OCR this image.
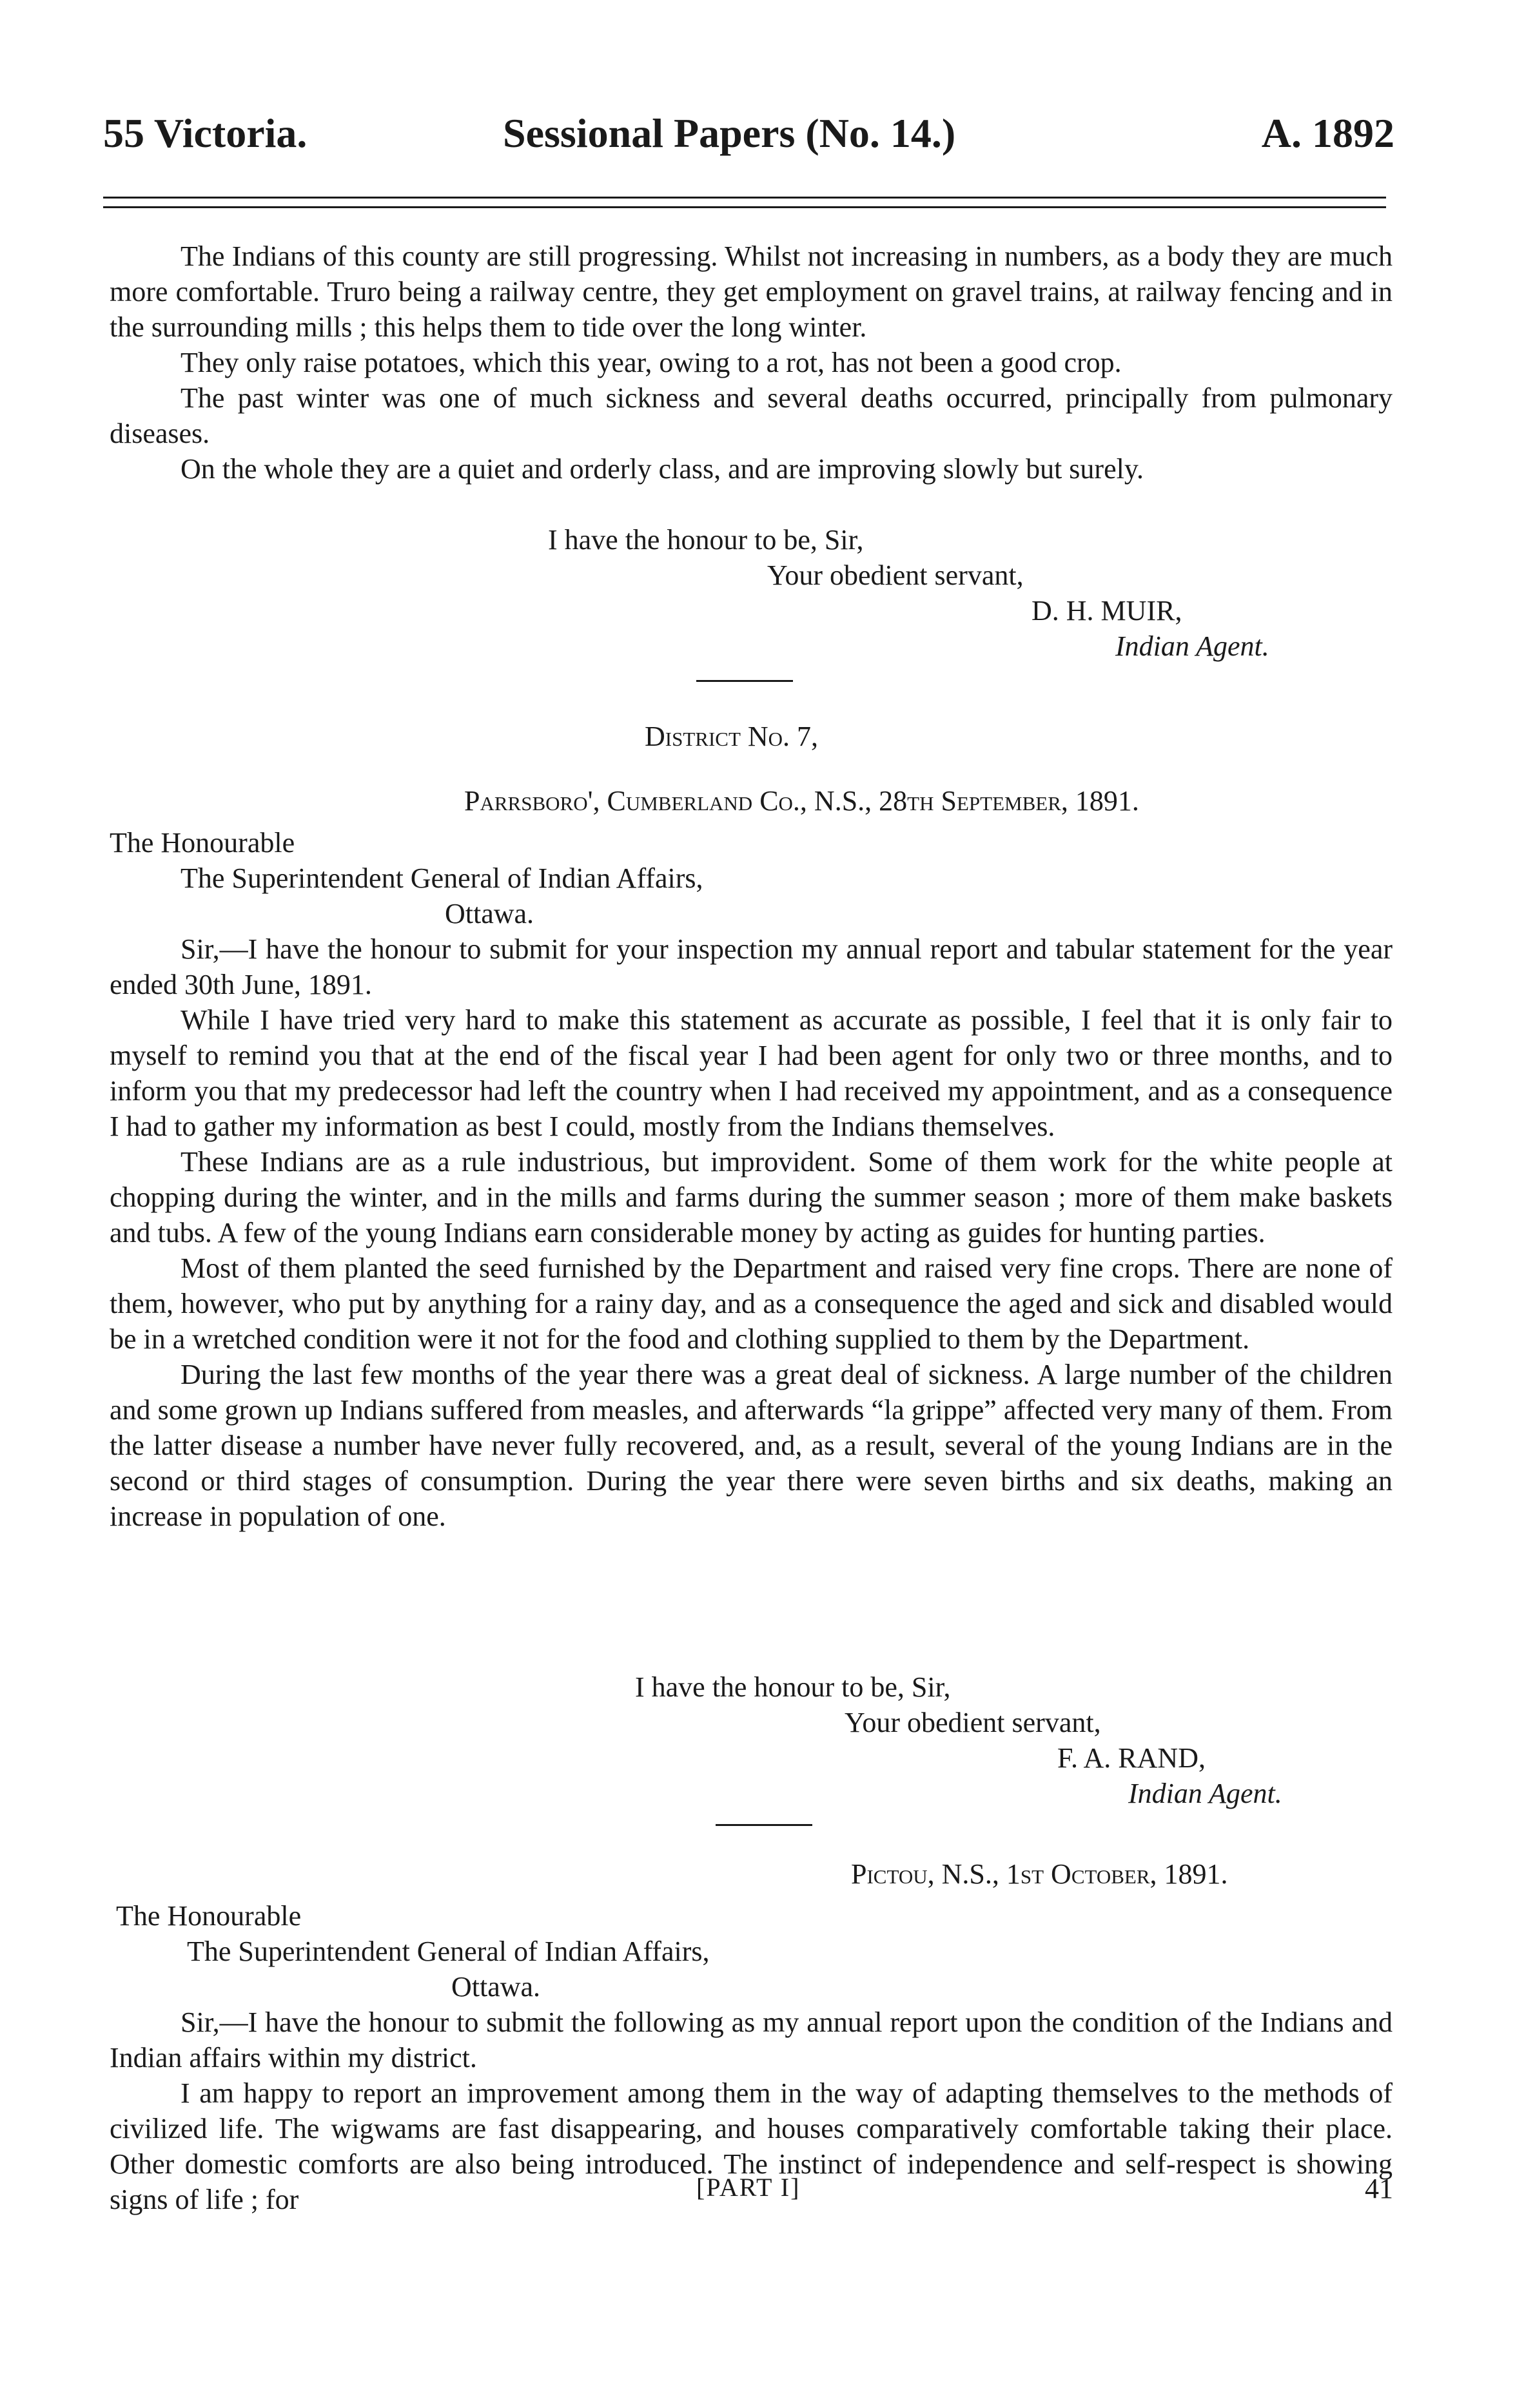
55 Victoria.	Sessional Papers (No. 14.)	A. 1892

The Indians of this county are still progressing. Whilst not increasing in numbers, as a body they are much more comfortable. Truro being a railway centre, they get employment on gravel trains, at railway fencing and in the surrounding mills ; this helps them to tide over the long winter.

They only raise potatoes, which this year, owing to a rot, has not been a good crop.

The past winter was one of much sickness and several deaths occurred, principally from pulmonary diseases.

On the whole they are a quiet and orderly class, and are improving slowly but surely.

I have the honour to be, Sir,
Your obedient servant,
D. H. MUIR,
Indian Agent.
District No. 7,
Parrsboro', Cumberland Co., N.S., 28th September, 1891.
The Honourable
The Superintendent General of Indian Affairs,
Ottawa.

Sir,—I have the honour to submit for your inspection my annual report and tabular statement for the year ended 30th June, 1891.

While I have tried very hard to make this statement as accurate as possible, I feel that it is only fair to myself to remind you that at the end of the fiscal year I had been agent for only two or three months, and to inform you that my predecessor had left the country when I had received my appointment, and as a consequence I had to gather my information as best I could, mostly from the Indians themselves.

These Indians are as a rule industrious, but improvident. Some of them work for the white people at chopping during the winter, and in the mills and farms during the summer season ; more of them make baskets and tubs. A few of the young Indians earn considerable money by acting as guides for hunting parties.

Most of them planted the seed furnished by the Department and raised very fine crops. There are none of them, however, who put by anything for a rainy day, and as a consequence the aged and sick and disabled would be in a wretched condition were it not for the food and clothing supplied to them by the Department.

During the last few months of the year there was a great deal of sickness. A large number of the children and some grown up Indians suffered from measles, and afterwards “la grippe” affected very many of them. From the latter disease a number have never fully recovered, and, as a result, several of the young Indians are in the second or third stages of consumption. During the year there were seven births and six deaths, making an increase in population of one.

I have the honour to be, Sir,
Your obedient servant,
F. A. RAND,
Indian Agent.
Pictou, N.S., 1st October, 1891.
The Honourable
The Superintendent General of Indian Affairs,
Ottawa.

Sir,—I have the honour to submit the following as my annual report upon the condition of the Indians and Indian affairs within my district.

I am happy to report an improvement among them in the way of adapting themselves to the methods of civilized life. The wigwams are fast disappearing, and houses comparatively comfortable taking their place. Other domestic comforts are also being introduced. The instinct of independence and self-respect is showing signs of life ; for	[PART I]	41
